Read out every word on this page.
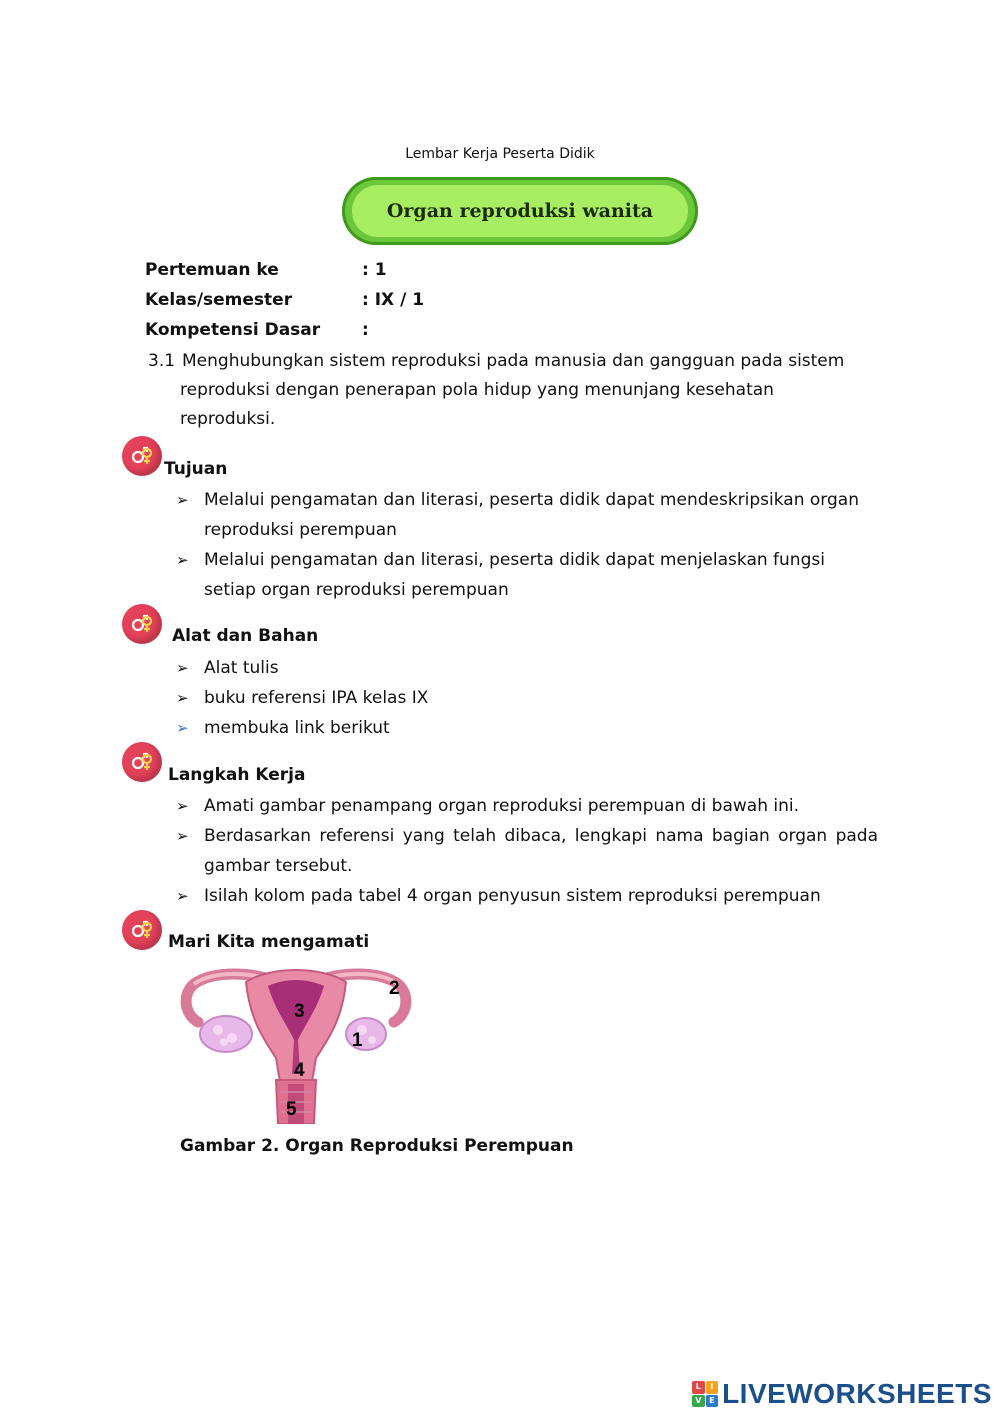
Lembar Kerja Peserta Didik
Organ reproduksi wanita
Pertemuan ke	: 1
Kelas/semester	: IX / 1
Kompetensi Dasar :
3.1 Menghubungkan sistem reproduksi pada manusia dan gangguan pada sistem
reproduksi dengan penerapan pola hidup yang menunjang kesehatan reproduksi.
Tujuan
➢ Melalui pengamatan dan literasi, peserta didik dapat mendeskripsikan organ reproduksi perempuan
➢ Melalui pengamatan dan literasi, peserta didik dapat menjelaskan fungsi setiap organ reproduksi perempuan
Alat dan Bahan
➢ Alat tulis
➢ buku referensi IPA kelas IX
➢ membuka link berikut
Langkah Kerja
➢ Amati gambar penampang organ reproduksi perempuan di bawah ini.
➢ Berdasarkan referensi yang telah dibaca, lengkapi nama bagian organ pada gambar tersebut.
➢ Isilah kolom pada tabel 4 organ penyusun sistem reproduksi perempuan
Mari Kita mengamati
1
2
3
4
5
Gambar 2. Organ Reproduksi Perempuan
L	I
V E LIVEWORKSHEETS
